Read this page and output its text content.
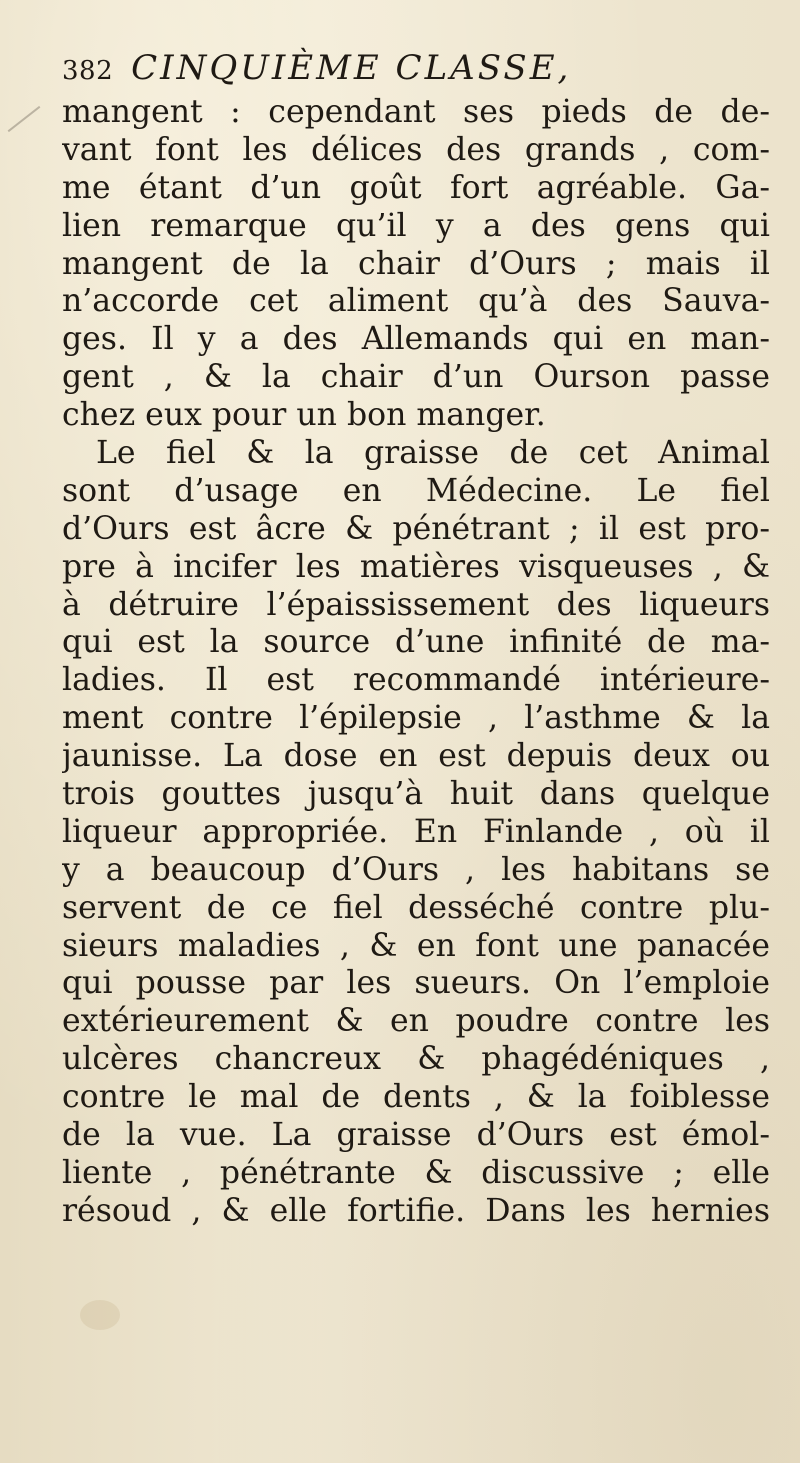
382 CINQUIÈME CLASSE,
mangent : cependant ses pieds de de-
vant font les délices des grands , com-
me étant d’un goût fort agréable. Ga-
lien remarque qu’il y a des gens qui
mangent de la chair d’Ours ; mais il
n’accorde cet aliment qu’à des Sauva-
ges. Il y a des Allemands qui en man-
gent , & la chair d’un Ourson passe
chez eux pour un bon manger.
Le fiel & la graisse de cet Animal
sont d’usage en Médecine. Le fiel
d’Ours est âcre & pénétrant ; il est pro-
pre à incifer les matières visqueuses , &
à détruire l’épaississement des liqueurs
qui est la source d’une infinité de ma-
ladies. Il est recommandé intérieure-
ment contre l’épilepsie , l’asthme & la
jaunisse. La dose en est depuis deux ou
trois gouttes jusqu’à huit dans quelque
liqueur appropriée. En Finlande , où il
y a beaucoup d’Ours , les habitans se
servent de ce fiel desséché contre plu-
sieurs maladies , & en font une panacée
qui pousse par les sueurs. On l’emploie
extérieurement & en poudre contre les
ulcères chancreux & phagédéniques ,
contre le mal de dents , & la foiblesse
de la vue. La graisse d’Ours est émol-
liente , pénétrante & discussive ; elle
résoud , & elle fortifie. Dans les hernies
